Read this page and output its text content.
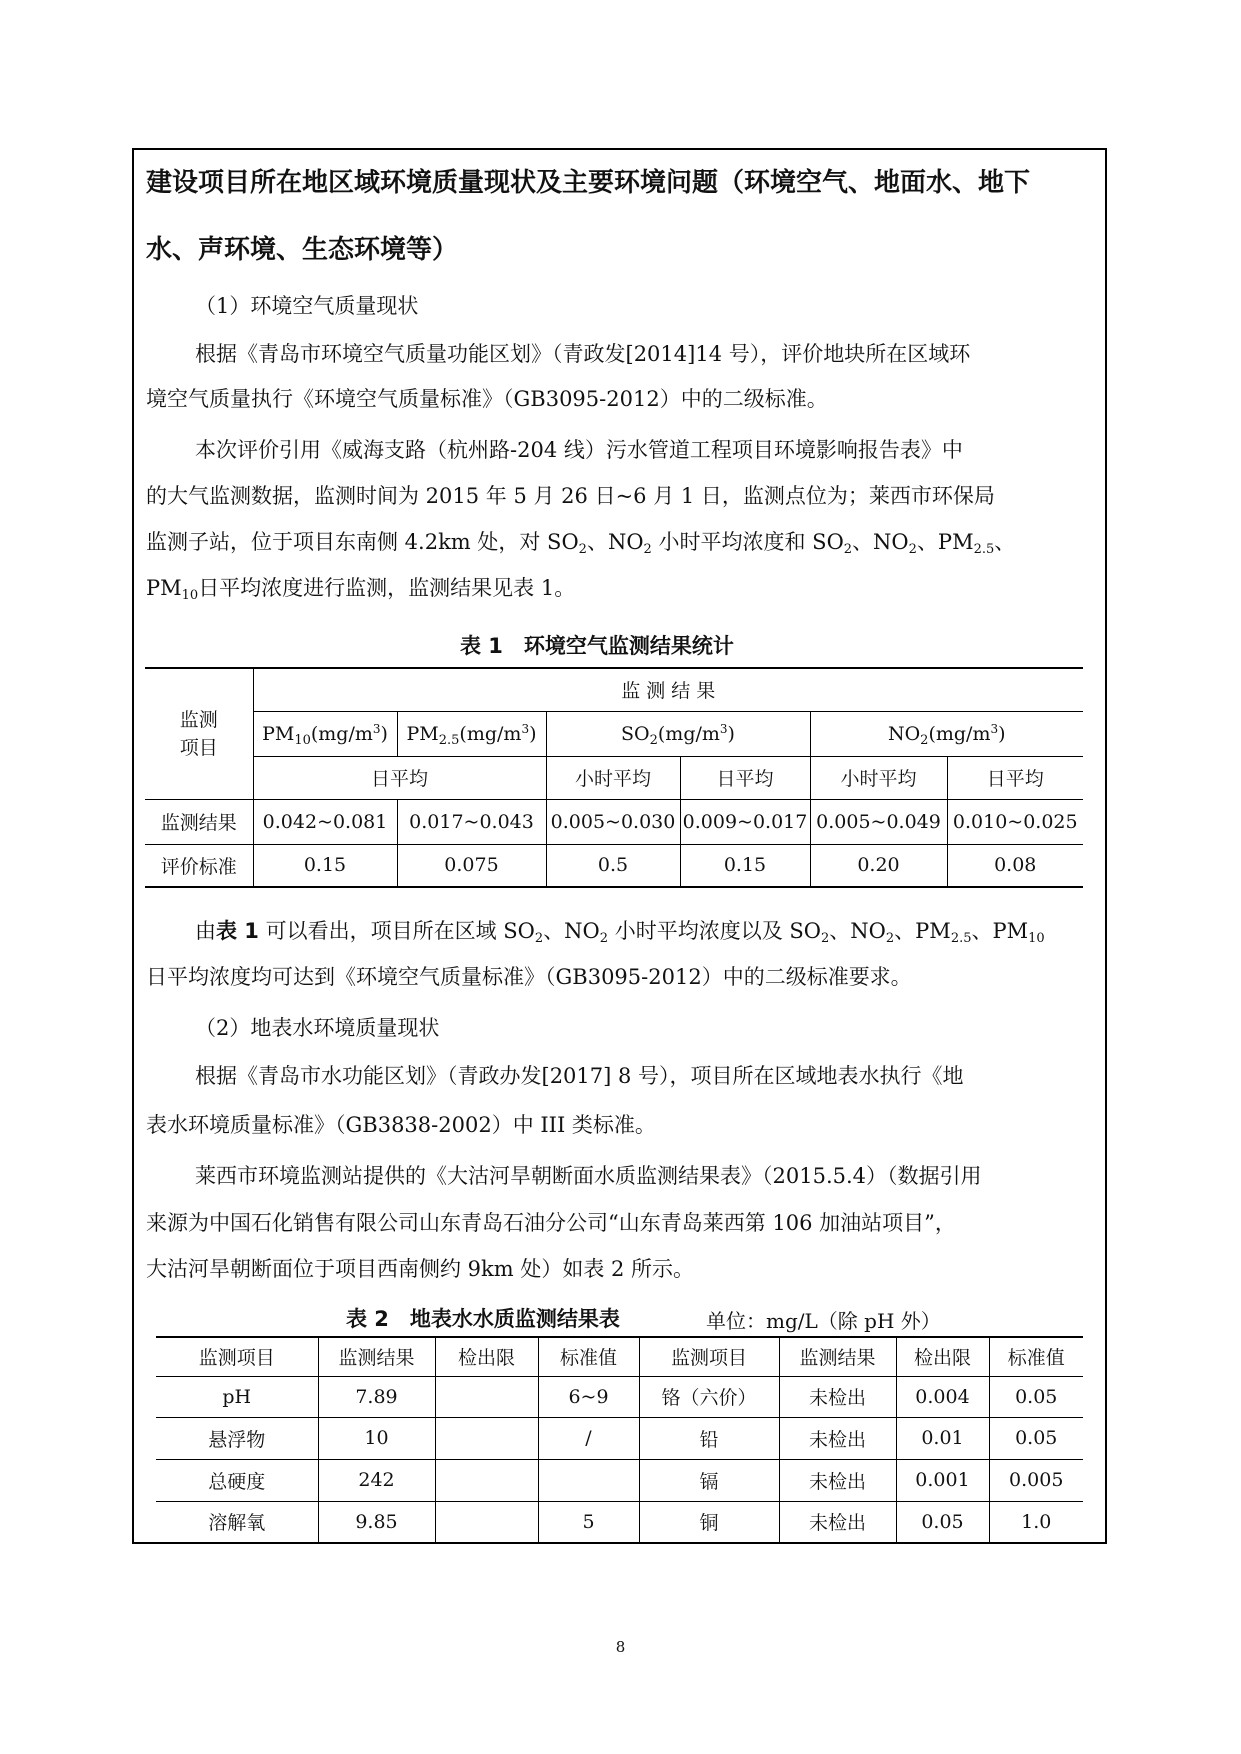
建设项目所在地区域环境质量现状及主要环境问题（环境空气、地面水、地下
水、声环境、生态环境等）
（1）环境空气质量现状
根据《青岛市环境空气质量功能区划》（青政发[2014]14 号），评价地块所在区域环
境空气质量执行《环境空气质量标准》（GB3095-2012）中的二级标准。
本次评价引用《威海支路（杭州路-204 线）污水管道工程项目环境影响报告表》中
的大气监测数据，监测时间为 2015 年 5 月 26 日~6 月 1 日，监测点位为；莱西市环保局
监测子站，位于项目东南侧 4.2km 处，对 $SO_2$、$NO_2$ 小时平均浓度和 $SO_2$、$NO_2$、$PM_{2.5}$、
$PM_{10}$日平均浓度进行监测，监测结果见表 1。
表 1　环境空气监测结果统计
监测
项目	监 测 结 果					
	$PM_{10}(mg/m^3)$	$PM_{2.5}(mg/m^3)$	$SO_2(mg/m^3)$		$NO_2(mg/m^3)$	
	日平均		小时平均	日平均	小时平均	日平均
监测结果	0.042~0.081	0.017~0.043	0.005~0.030	0.009~0.017	0.005~0.049	0.010~0.025
评价标准	0.15	0.075	0.5	0.15	0.20	0.08
由表 1 可以看出，项目所在区域 $SO_2$、$NO_2$ 小时平均浓度以及 $SO_2$、$NO_2$、$PM_{2.5}$、$PM_{10}$
日平均浓度均可达到《环境空气质量标准》（GB3095-2012）中的二级标准要求。
（2）地表水环境质量现状
根据《青岛市水功能区划》（青政办发[2017] 8 号），项目所在区域地表水执行《地
表水环境质量标准》（GB3838-2002）中 III 类标准。
莱西市环境监测站提供的《大沽河旱朝断面水质监测结果表》（2015.5.4）（数据引用
来源为中国石化销售有限公司山东青岛石油分公司“山东青岛莱西第 106 加油站项目”，
大沽河旱朝断面位于项目西南侧约 9km 处）如表 2 所示。
表 2　地表水水质监测结果表	单位：mg/L（除 pH 外）
监测项目	监测结果	检出限	标准值	监测项目	监测结果	检出限	标准值
pH	7.89		6~9	铬（六价）	未检出	0.004	0.05
悬浮物	10		/	铅	未检出	0.01	0.05
总硬度	242			镉	未检出	0.001	0.005
溶解氧	9.85		5	铜	未检出	0.05	1.0
8
